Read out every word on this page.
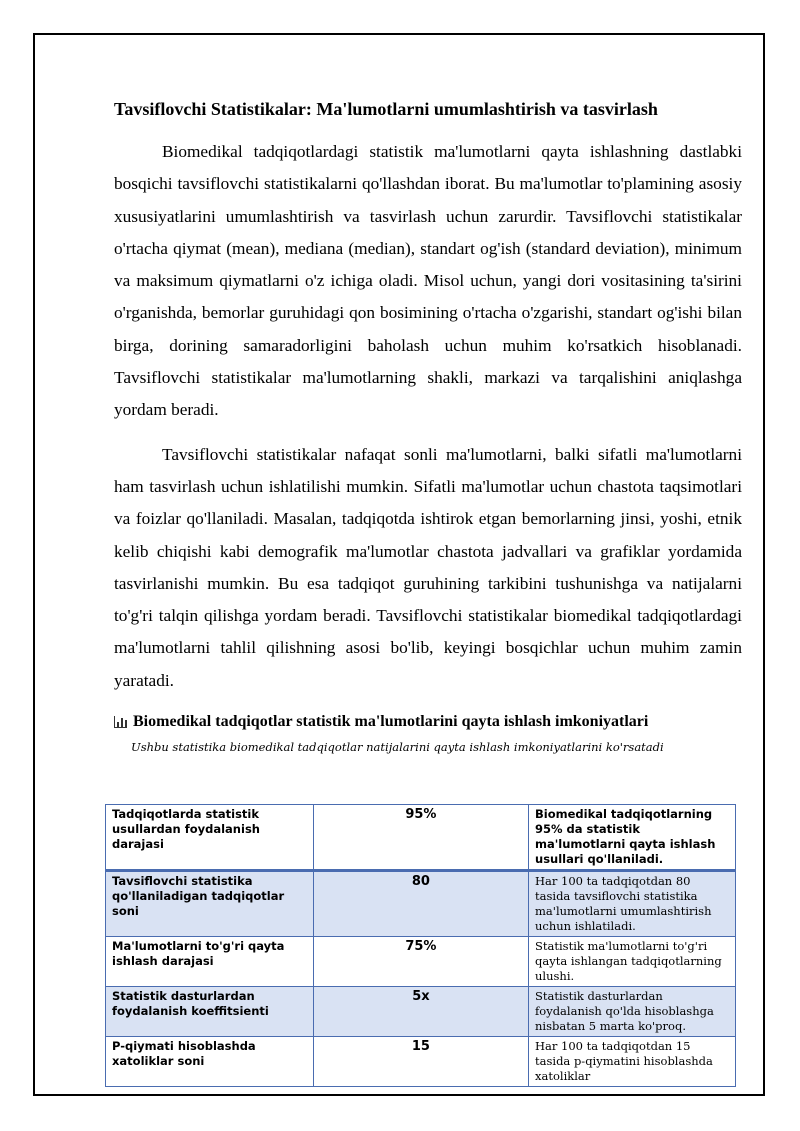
Tavsiflovchi Statistikalar: Ma'lumotlarni umumlashtirish va tasvirlash

Biomedikal tadqiqotlardagi statistik ma'lumotlarni qayta ishlashning dastlabki bosqichi tavsiflovchi statistikalarni qo'llashdan iborat. Bu ma'lumotlar to'plamining asosiy xususiyatlarini umumlashtirish va tasvirlash uchun zarurdir. Tavsiflovchi statistikalar o'rtacha qiymat (mean), mediana (median), standart og'ish (standard deviation), minimum va maksimum qiymatlarni o'z ichiga oladi. Misol uchun, yangi dori vositasining ta'sirini o'rganishda, bemorlar guruhidagi qon bosimining o'rtacha o'zgarishi, standart og'ishi bilan birga, dorining samaradorligini baholash uchun muhim ko'rsatkich hisoblanadi. Tavsiflovchi statistikalar ma'lumotlarning shakli, markazi va tarqalishini aniqlashga yordam beradi.

Tavsiflovchi statistikalar nafaqat sonli ma'lumotlarni, balki sifatli ma'lumotlarni ham tasvirlash uchun ishlatilishi mumkin. Sifatli ma'lumotlar uchun chastota taqsimotlari va foizlar qo'llaniladi. Masalan, tadqiqotda ishtirok etgan bemorlarning jinsi, yoshi, etnik kelib chiqishi kabi demografik ma'lumotlar chastota jadvallari va grafiklar yordamida tasvirlanishi mumkin. Bu esa tadqiqot guruhining tarkibini tushunishga va natijalarni to'g'ri talqin qilishga yordam beradi. Tavsiflovchi statistikalar biomedikal tadqiqotlardagi ma'lumotlarni tahlil qilishning asosi bo'lib, keyingi bosqichlar uchun muhim zamin yaratadi.

Biomedikal tadqiqotlar statistik ma'lumotlarini qayta ishlash imkoniyatlari
Ushbu statistika biomedikal tadqiqotlar natijalarini qayta ishlash imkoniyatlarini ko'rsatadi
Tadqiqotlarda statistik usullardan foydalanish darajasi	95%	Biomedikal tadqiqotlarning 95% da statistik ma'lumotlarni qayta ishlash usullari qo'llaniladi.
Tavsiflovchi statistika qo'llaniladigan tadqiqotlar soni	80	Har 100 ta tadqiqotdan 80 tasida tavsiflovchi statistika ma'lumotlarni umumlashtirish uchun ishlatiladi.
Ma'lumotlarni to'g'ri qayta ishlash darajasi	75%	Statistik ma'lumotlarni to'g'ri qayta ishlangan tadqiqotlarning ulushi.
Statistik dasturlardan foydalanish koeffitsienti	5x	Statistik dasturlardan foydalanish qo'lda hisoblashga nisbatan 5 marta ko'proq.
P-qiymati hisoblashda xatoliklar soni	15	Har 100 ta tadqiqotdan 15 tasida p-qiymatini hisoblashda xatoliklar
